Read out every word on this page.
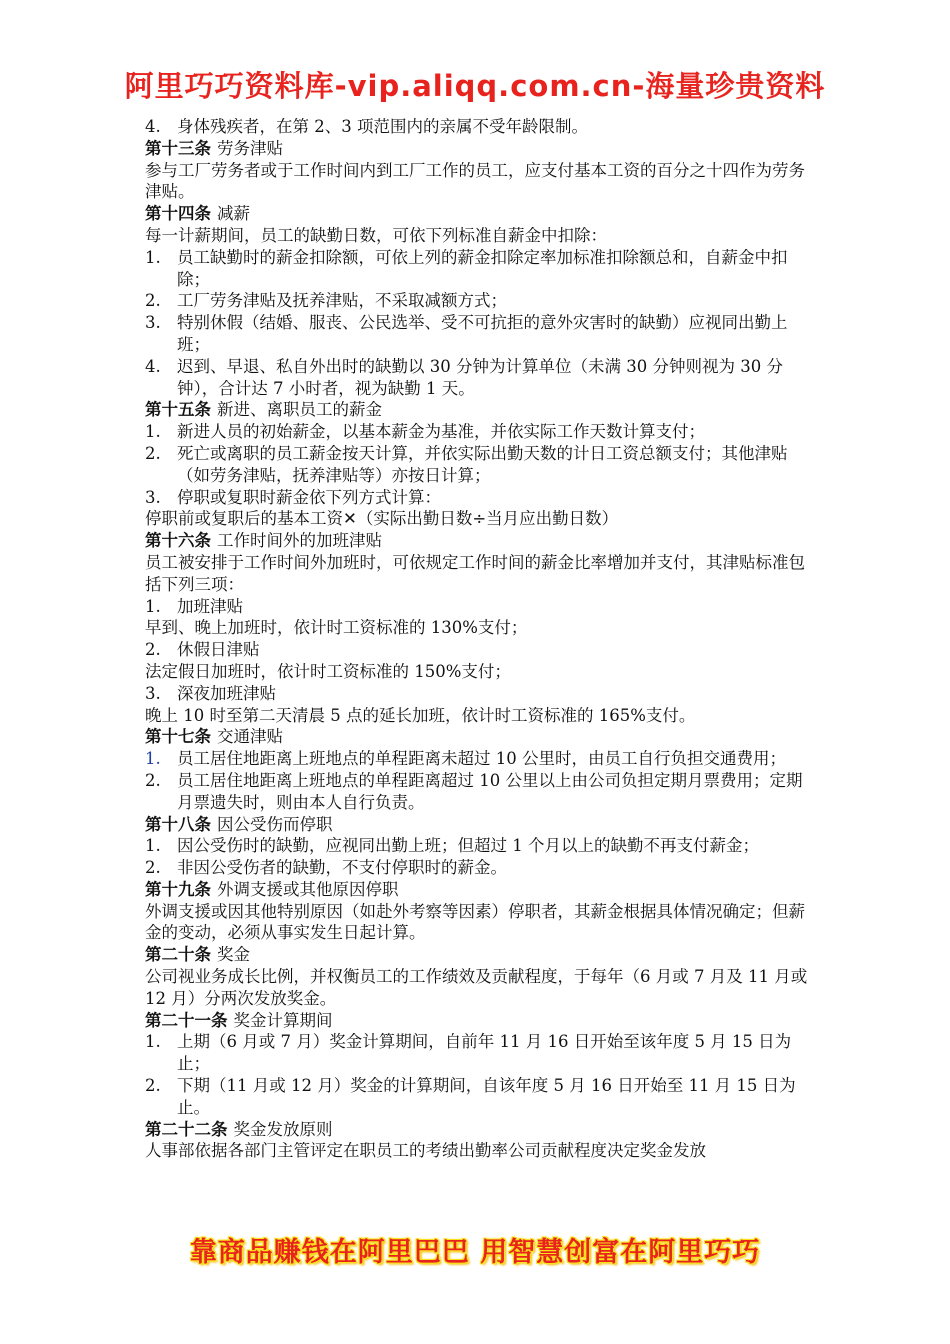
阿里巧巧资料库-vip.aliqq.com.cn-海量珍贵资料
4. 身体残疾者，在第 2、3 项范围内的亲属不受年龄限制。
第十三条 劳务津贴
参与工厂劳务者或于工作时间内到工厂工作的员工，应支付基本工资的百分之十四作为劳务津贴。
第十四条 减薪
每一计薪期间，员工的缺勤日数，可依下列标准自薪金中扣除：
1. 员工缺勤时的薪金扣除额，可依上列的薪金扣除定率加标准扣除额总和，自薪金中扣除；
2. 工厂劳务津贴及抚养津贴，不采取减额方式；
3. 特别休假（结婚、服丧、公民选举、受不可抗拒的意外灾害时的缺勤）应视同出勤上班；
4. 迟到、早退、私自外出时的缺勤以 30 分钟为计算单位（未满 30 分钟则视为 30 分钟），合计达 7 小时者，视为缺勤 1 天。
第十五条 新进、离职员工的薪金
1. 新进人员的初始薪金，以基本薪金为基准，并依实际工作天数计算支付；
2. 死亡或离职的员工薪金按天计算，并依实际出勤天数的计日工资总额支付；其他津贴（如劳务津贴，抚养津贴等）亦按日计算；
3. 停职或复职时薪金依下列方式计算：
停职前或复职后的基本工资✕（实际出勤日数÷当月应出勤日数）
第十六条 工作时间外的加班津贴
员工被安排于工作时间外加班时，可依规定工作时间的薪金比率增加并支付，其津贴标准包括下列三项：
1. 加班津贴
早到、晚上加班时，依计时工资标准的 130%支付；
2. 休假日津贴
法定假日加班时，依计时工资标准的 150%支付；
3. 深夜加班津贴
晚上 10 时至第二天清晨 5 点的延长加班，依计时工资标准的 165%支付。
第十七条 交通津贴
1. 员工居住地距离上班地点的单程距离未超过 10 公里时，由员工自行负担交通费用；
2. 员工居住地距离上班地点的单程距离超过 10 公里以上由公司负担定期月票费用；定期月票遗失时，则由本人自行负责。
第十八条 因公受伤而停职
1. 因公受伤时的缺勤，应视同出勤上班；但超过 1 个月以上的缺勤不再支付薪金；
2. 非因公受伤者的缺勤，不支付停职时的薪金。
第十九条 外调支援或其他原因停职
外调支援或因其他特别原因（如赴外考察等因素）停职者，其薪金根据具体情况确定；但薪金的变动，必须从事实发生日起计算。
第二十条 奖金
公司视业务成长比例，并权衡员工的工作绩效及贡献程度，于每年（6 月或 7 月及 11 月或 12 月）分两次发放奖金。
第二十一条 奖金计算期间
1. 上期（6 月或 7 月）奖金计算期间，自前年 11 月 16 日开始至该年度 5 月 15 日为止；
2. 下期（11 月或 12 月）奖金的计算期间，自该年度 5 月 16 日开始至 11 月 15 日为止。
第二十二条 奖金发放原则
人事部依据各部门主管评定在职员工的考绩出勤率公司贡献程度决定奖金发放
靠商品赚钱在阿里巴巴 用智慧创富在阿里巧巧
